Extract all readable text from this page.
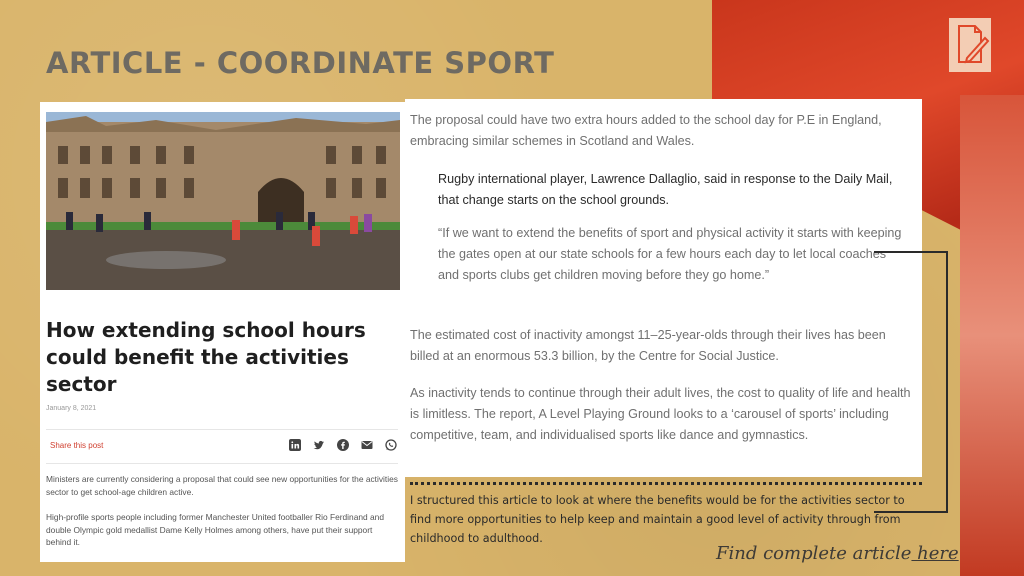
ARTICLE - COORDINATE SPORT
How extending school hours could benefit the activities sector
January 8, 2021
Share this post

Ministers are currently considering a proposal that could see new opportunities for the activities sector to get school-age children active.

High-profile sports people including former Manchester United footballer Rio Ferdinand and double Olympic gold medallist Dame Kelly Holmes among others, have put their support behind it.

The proposal could have two extra hours added to the school day for P.E in England, embracing similar schemes in Scotland and Wales.

Rugby international player, Lawrence Dallaglio, said in response to the Daily Mail, that change starts on the school grounds.

“If we want to extend the benefits of sport and physical activity it starts with keeping the gates open at our state schools for a few hours each day to let local coaches and sports clubs get children moving before they go home.”

The estimated cost of inactivity amongst 11–25-year-olds through their lives has been billed at an enormous 53.3 billion, by the Centre for Social Justice.

As inactivity tends to continue through their adult lives, the cost to quality of life and health is limitless. The report, A Level Playing Ground looks to a ‘carousel of sports’ including competitive, team, and individualised sports like dance and gymnastics.

I structured this article to look at where the benefits would be for the activities sector to find more opportunities to help keep and maintain a good level of activity through from childhood to adulthood.

Find complete article here
